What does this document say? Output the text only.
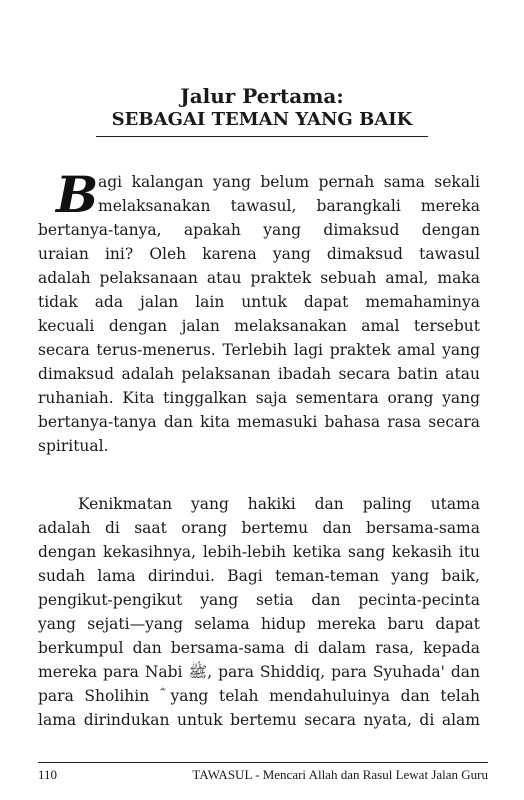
Jalur Pertama:
SEBAGAI TEMAN YANG BAIK
B agi kalangan yang belum pernah sama sekali
melaksanakan tawasul, barangkali mereka
bertanya-tanya, apakah yang dimaksud dengan
uraian ini? Oleh karena yang dimaksud tawasul
adalah pelaksanaan atau praktek sebuah amal, maka
tidak ada jalan lain untuk dapat memahaminya
kecuali dengan jalan melaksanakan amal tersebut
secara terus-menerus. Terlebih lagi praktek amal yang
dimaksud adalah pelaksanan ibadah secara batin atau
ruhaniah. Kita tinggalkan saja sementara orang yang
bertanya-tanya dan kita memasuki bahasa rasa secara
spiritual.
Kenikmatan yang hakiki dan paling utama
adalah di saat orang bertemu dan bersama-sama
dengan kekasihnya, lebih-lebih ketika sang kekasih itu
sudah lama dirindui. Bagi teman-teman yang baik,
pengikut-pengikut yang setia dan pecinta-pecinta
yang sejati—yang selama hidup mereka baru dapat
berkumpul dan bersama-sama di dalam rasa, kepada
mereka para Nabi ﷺ, para Shiddiq, para Syuhada' dan
para Sholihin ؓ yang telah mendahuluinya dan telah
lama dirindukan untuk bertemu secara nyata, di alam
110	TAWASUL - Mencari Allah dan Rasul Lewat Jalan Guru
